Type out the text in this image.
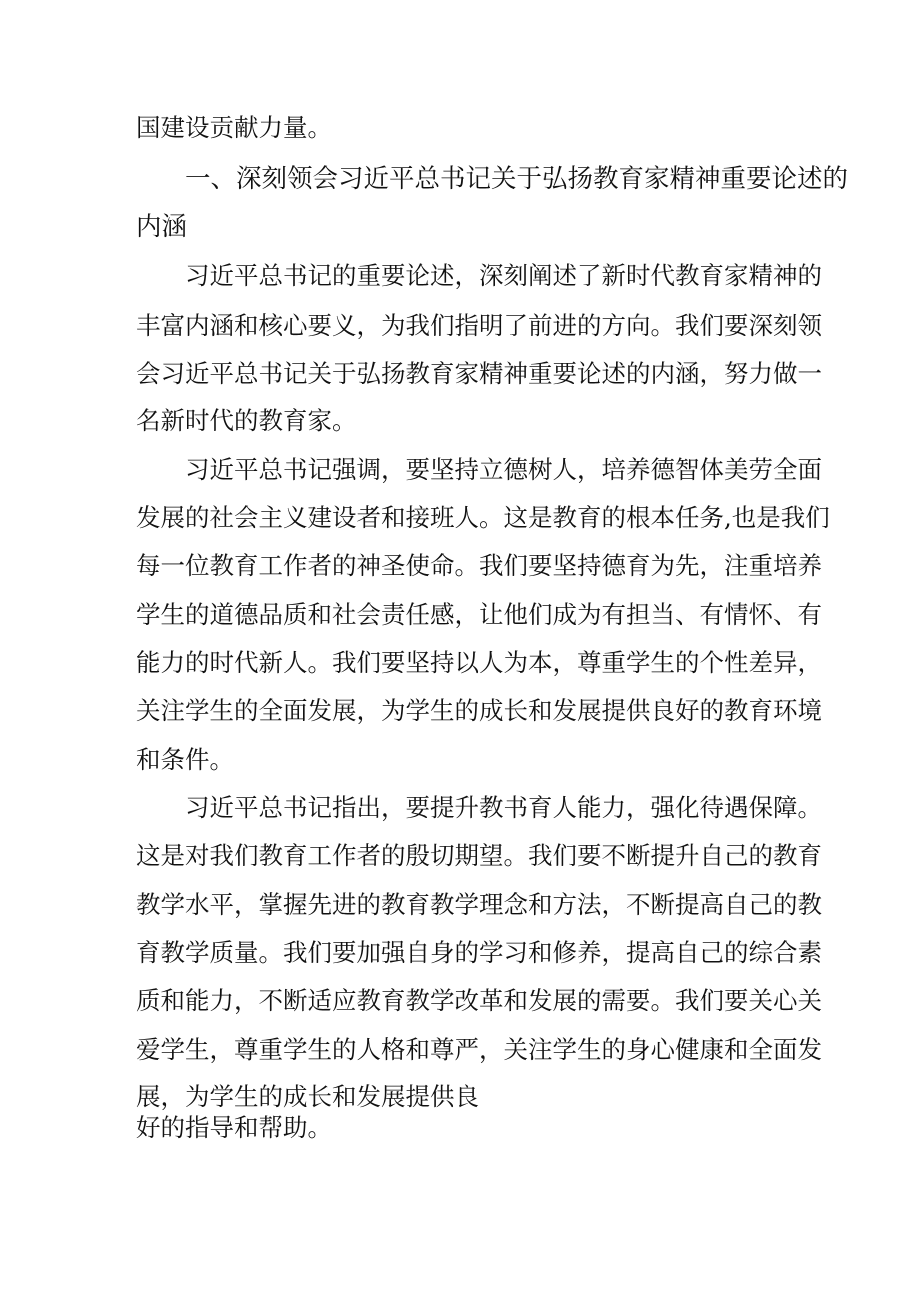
国建设贡献力量。
一、深刻领会习近平总书记关于弘扬教育家精神重要论述的
内涵
习近平总书记的重要论述，深刻阐述了新时代教育家精神的
丰富内涵和核心要义，为我们指明了前进的方向。我们要深刻领
会习近平总书记关于弘扬教育家精神重要论述的内涵，努力做一
名新时代的教育家。
习近平总书记强调，要坚持立德树人，培养德智体美劳全面
发展的社会主义建设者和接班人。这是教育的根本任务,也是我们
每一位教育工作者的神圣使命。我们要坚持德育为先，注重培养
学生的道德品质和社会责任感，让他们成为有担当、有情怀、有
能力的时代新人。我们要坚持以人为本，尊重学生的个性差异，
关注学生的全面发展，为学生的成长和发展提供良好的教育环境
和条件。
习近平总书记指出，要提升教书育人能力，强化待遇保障。
这是对我们教育工作者的殷切期望。我们要不断提升自己的教育
教学水平，掌握先进的教育教学理念和方法，不断提高自己的教
育教学质量。我们要加强自身的学习和修养，提高自己的综合素
质和能力，不断适应教育教学改革和发展的需要。我们要关心关
爱学生，尊重学生的人格和尊严，关注学生的身心健康和全面发
展，为学生的成长和发展提供良
好的指导和帮助。
